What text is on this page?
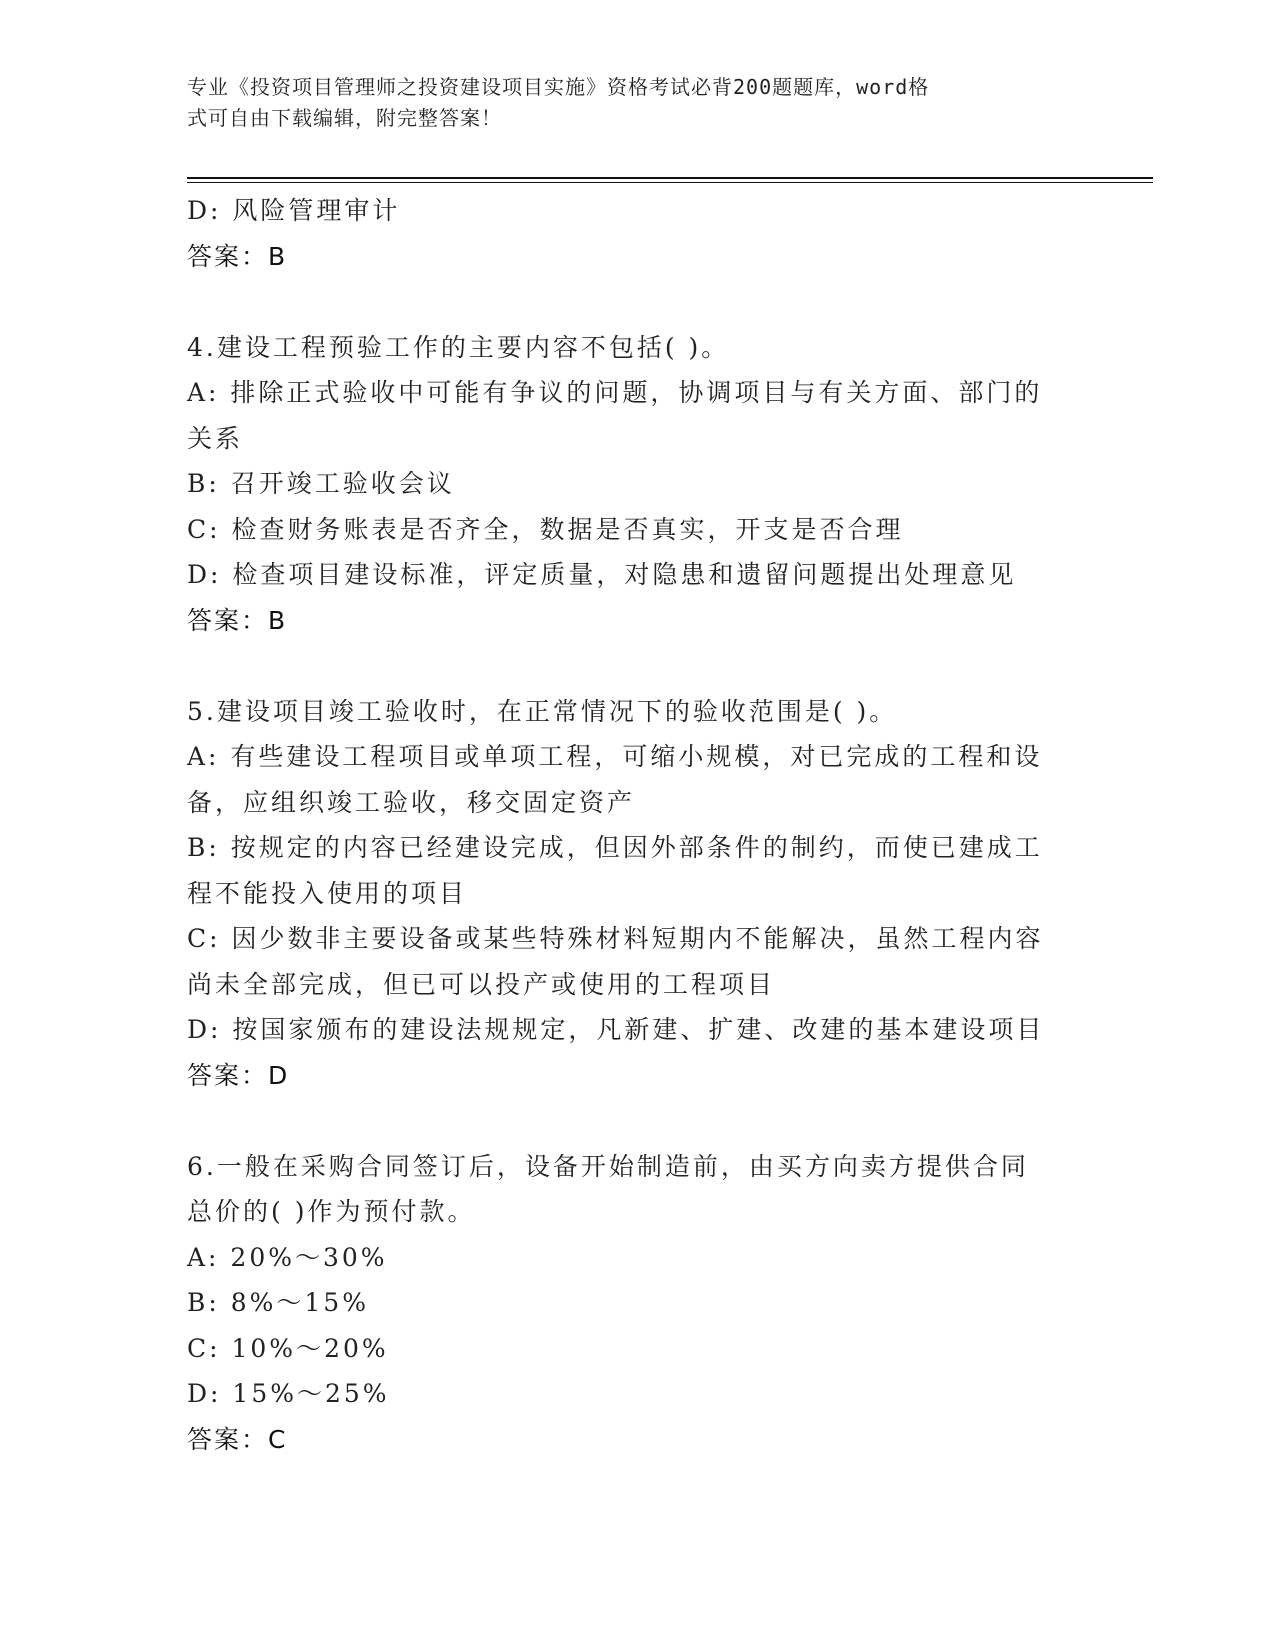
专业《投资项目管理师之投资建设项目实施》资格考试必背200题题库，word格
式可自由下载编辑，附完整答案！
D: 风险管理审计
答案：B
4.建设工程预验工作的主要内容不包括( )。
A: 排除正式验收中可能有争议的问题，协调项目与有关方面、部门的
关系
B: 召开竣工验收会议
C: 检查财务账表是否齐全，数据是否真实，开支是否合理
D: 检查项目建设标准，评定质量，对隐患和遗留问题提出处理意见
答案：B
5.建设项目竣工验收时，在正常情况下的验收范围是( )。
A: 有些建设工程项目或单项工程，可缩小规模，对已完成的工程和设
备，应组织竣工验收，移交固定资产
B: 按规定的内容已经建设完成，但因外部条件的制约，而使已建成工
程不能投入使用的项目
C: 因少数非主要设备或某些特殊材料短期内不能解决，虽然工程内容
尚未全部完成，但已可以投产或使用的工程项目
D: 按国家颁布的建设法规规定，凡新建、扩建、改建的基本建设项目
答案：D
6.一般在采购合同签订后，设备开始制造前，由买方向卖方提供合同
总价的( )作为预付款。
A: 20%～30%
B: 8%～15%
C: 10%～20%
D: 15%～25%
答案：C
